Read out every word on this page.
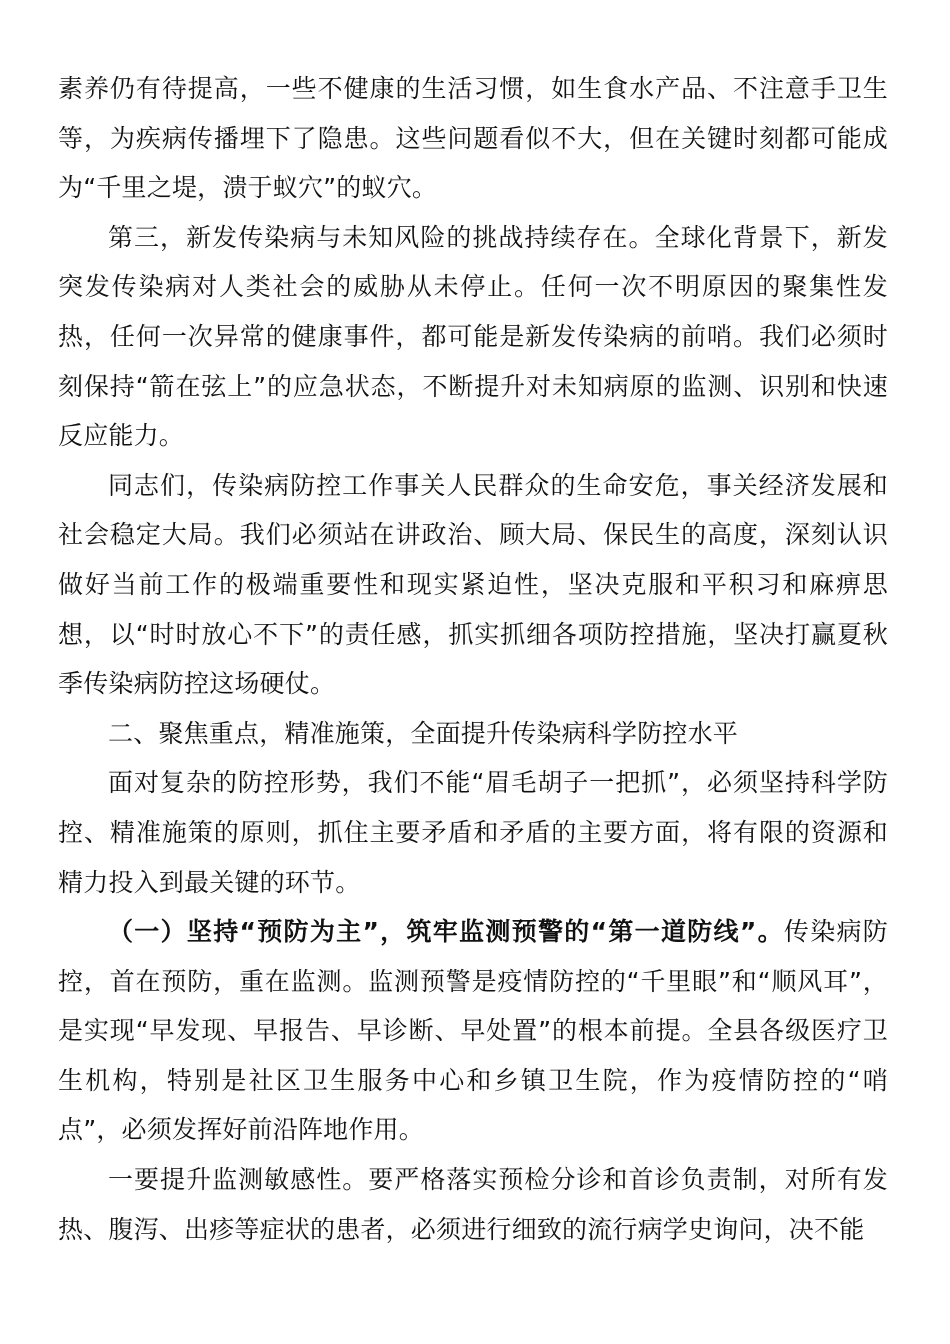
素养仍有待提高，一些不健康的生活习惯，如生食水产品、不注意手卫生等，为疾病传播埋下了隐患。这些问题看似不大，但在关键时刻都可能成为“千里之堤，溃于蚁穴”的蚁穴。

第三，新发传染病与未知风险的挑战持续存在。全球化背景下，新发突发传染病对人类社会的威胁从未停止。任何一次不明原因的聚集性发热，任何一次异常的健康事件，都可能是新发传染病的前哨。我们必须时刻保持“箭在弦上”的应急状态，不断提升对未知病原的监测、识别和快速反应能力。

同志们，传染病防控工作事关人民群众的生命安危，事关经济发展和社会稳定大局。我们必须站在讲政治、顾大局、保民生的高度，深刻认识做好当前工作的极端重要性和现实紧迫性，坚决克服和平积习和麻痹思想，以“时时放心不下”的责任感，抓实抓细各项防控措施，坚决打赢夏秋季传染病防控这场硬仗。

二、聚焦重点，精准施策，全面提升传染病科学防控水平

面对复杂的防控形势，我们不能“眉毛胡子一把抓”，必须坚持科学防控、精准施策的原则，抓住主要矛盾和矛盾的主要方面，将有限的资源和精力投入到最关键的环节。

（一）坚持“预防为主”，筑牢监测预警的“第一道防线”。传染病防控，首在预防，重在监测。监测预警是疫情防控的“千里眼”和“顺风耳”，是实现“早发现、早报告、早诊断、早处置”的根本前提。全县各级医疗卫生机构，特别是社区卫生服务中心和乡镇卫生院，作为疫情防控的“哨点”，必须发挥好前沿阵地作用。

一要提升监测敏感性。要严格落实预检分诊和首诊负责制，对所有发热、腹泻、出疹等症状的患者，必须进行细致的流行病学史询问，决不能
